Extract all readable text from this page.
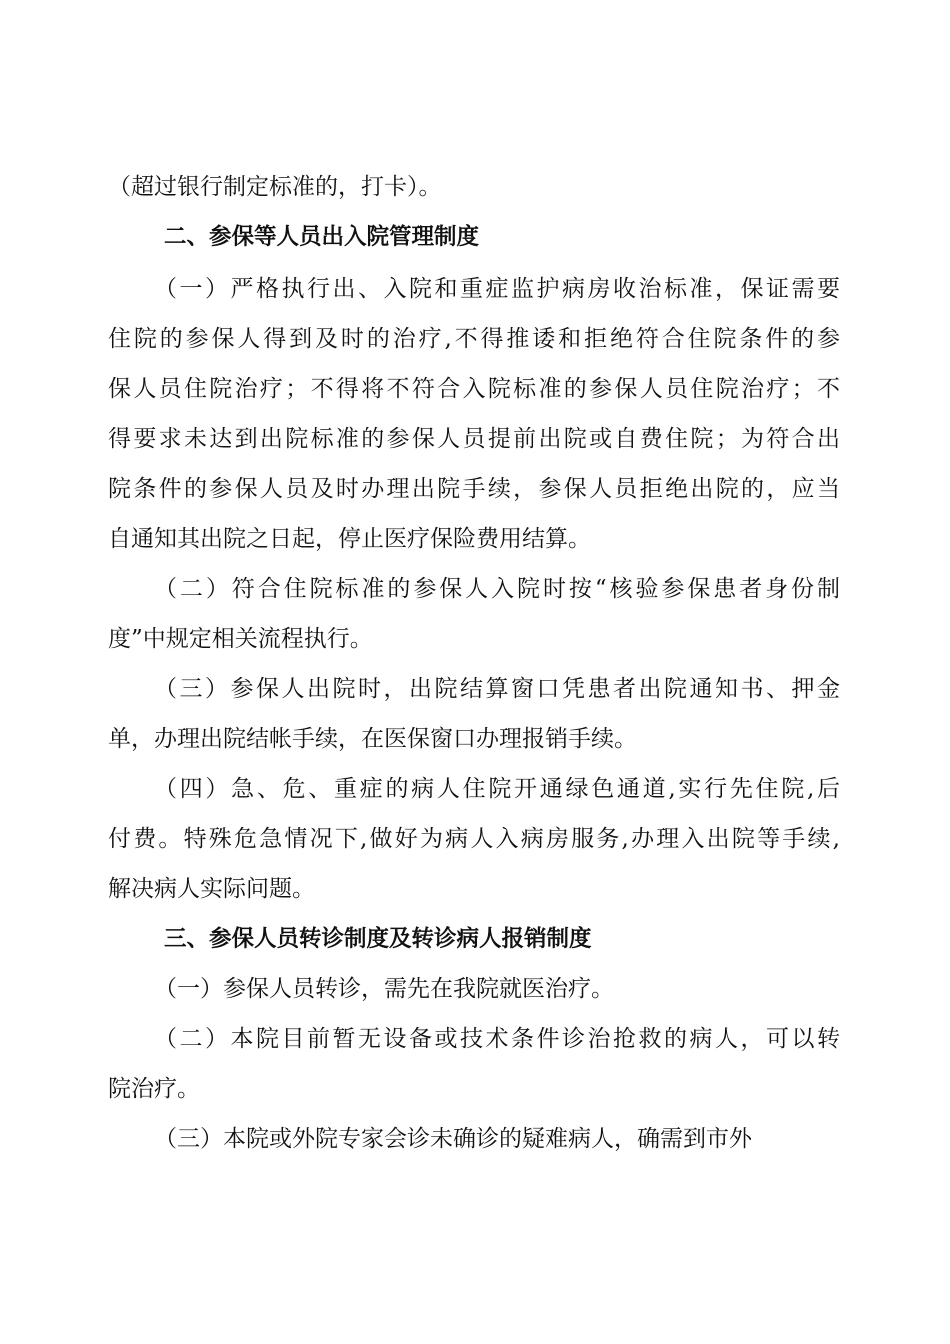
（超过银行制定标准的，打卡）。
二、参保等人员出入院管理制度
（一）严格执行出、入院和重症监护病房收治标准，保证需要
住院的参保人得到及时的治疗,不得推诿和拒绝符合住院条件的参
保人员住院治疗；不得将不符合入院标准的参保人员住院治疗；不
得要求未达到出院标准的参保人员提前出院或自费住院；为符合出
院条件的参保人员及时办理出院手续，参保人员拒绝出院的，应当
自通知其出院之日起，停止医疗保险费用结算。
（二）符合住院标准的参保人入院时按“核验参保患者身份制
度”中规定相关流程执行。
（三）参保人出院时，出院结算窗口凭患者出院通知书、押金
单，办理出院结帐手续，在医保窗口办理报销手续。
（四）急、危、重症的病人住院开通绿色通道,实行先住院,后
付费。特殊危急情况下,做好为病人入病房服务,办理入出院等手续,
解决病人实际问题。
三、参保人员转诊制度及转诊病人报销制度
（一）参保人员转诊，需先在我院就医治疗。
（二）本院目前暂无设备或技术条件诊治抢救的病人，可以转
院治疗。
（三）本院或外院专家会诊未确诊的疑难病人，确需到市外
